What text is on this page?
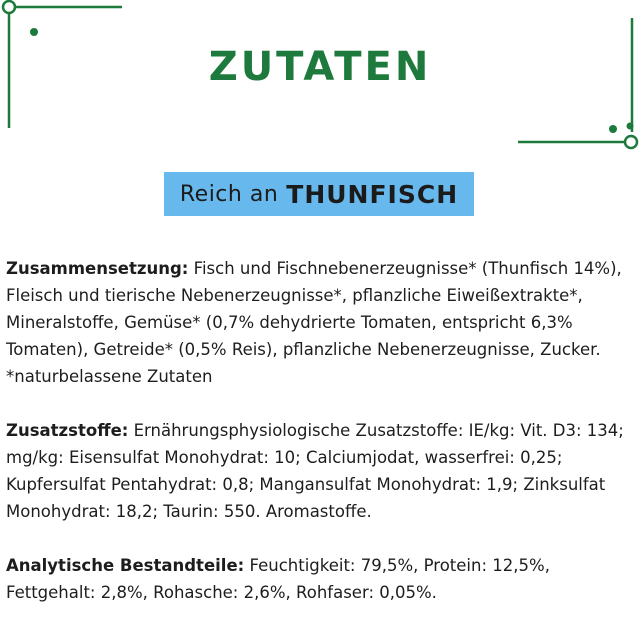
ZUTATEN
Reich an THUNFISCH

Zusammensetzung: Fisch und Fischnebenerzeugnisse* (Thunfisch 14%), Fleisch und tierische Nebenerzeugnisse*, pflanzliche Eiweißextrakte*, Mineralstoffe, Gemüse* (0,7% dehydrierte Tomaten, entspricht 6,3% Tomaten), Getreide* (0,5% Reis), pflanzliche Nebenerzeugnisse, Zucker.
*naturbelassene Zutaten

Zusatzstoffe: Ernährungsphysiologische Zusatzstoffe: IE/kg: Vit. D3: 134; mg/kg: Eisensulfat Monohydrat: 10; Calciumjodat, wasserfrei: 0,25; Kupfersulfat Pentahydrat: 0,8; Mangansulfat Monohydrat: 1,9; Zinksulfat Monohydrat: 18,2; Taurin: 550. Aromastoffe.

Analytische Bestandteile: Feuchtigkeit: 79,5%, Protein: 12,5%, Fettgehalt: 2,8%, Rohasche: 2,6%, Rohfaser: 0,05%.
